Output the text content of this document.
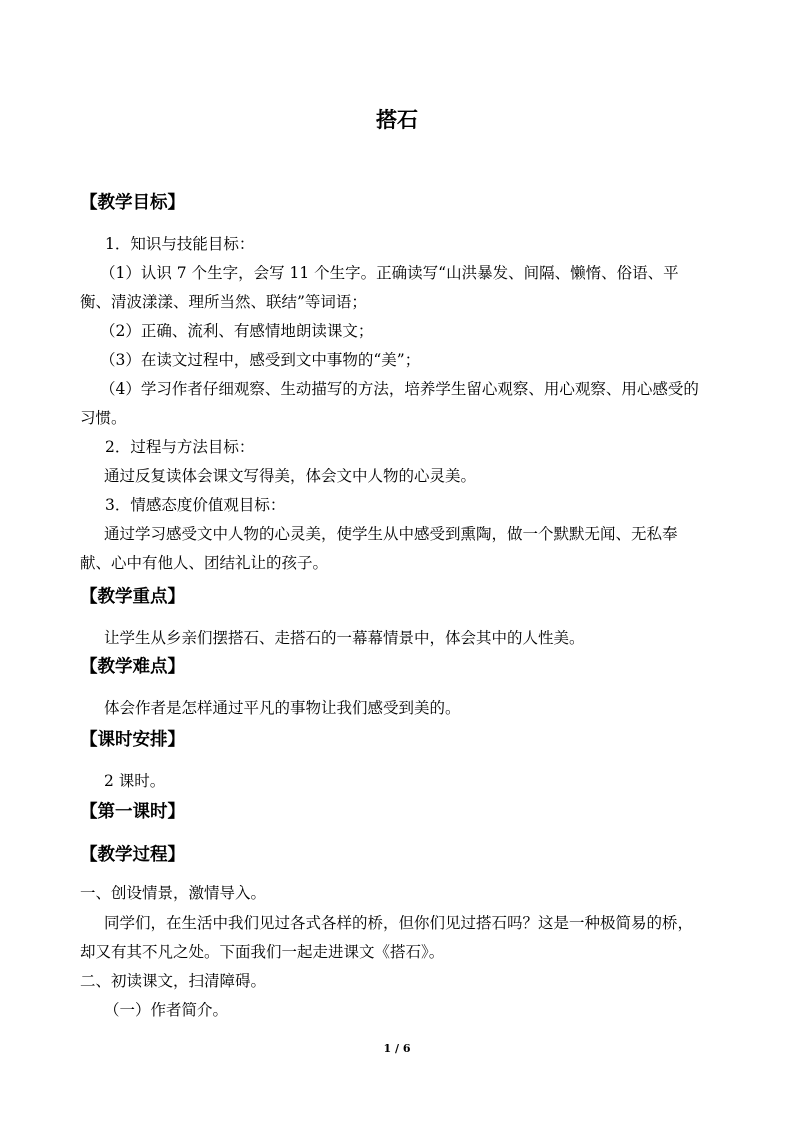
搭石
【教学目标】
1．知识与技能目标：
（1）认识 7 个生字，会写 11 个生字。正确读写“山洪暴发、间隔、懒惰、俗语、平
衡、清波漾漾、理所当然、联结”等词语；
（2）正确、流利、有感情地朗读课文；
（3）在读文过程中，感受到文中事物的“美”；
（4）学习作者仔细观察、生动描写的方法，培养学生留心观察、用心观察、用心感受的
习惯。
2．过程与方法目标：
通过反复读体会课文写得美，体会文中人物的心灵美。
3．情感态度价值观目标：
通过学习感受文中人物的心灵美，使学生从中感受到熏陶，做一个默默无闻、无私奉
献、心中有他人、团结礼让的孩子。
【教学重点】
让学生从乡亲们摆搭石、走搭石的一幕幕情景中，体会其中的人性美。
【教学难点】
体会作者是怎样通过平凡的事物让我们感受到美的。
【课时安排】
2 课时。
【第一课时】
【教学过程】
一、创设情景，激情导入。
同学们，在生活中我们见过各式各样的桥，但你们见过搭石吗？这是一种极简易的桥，
却又有其不凡之处。下面我们一起走进课文《搭石》。
二、初读课文，扫清障碍。
（一）作者简介。
1 / 6
